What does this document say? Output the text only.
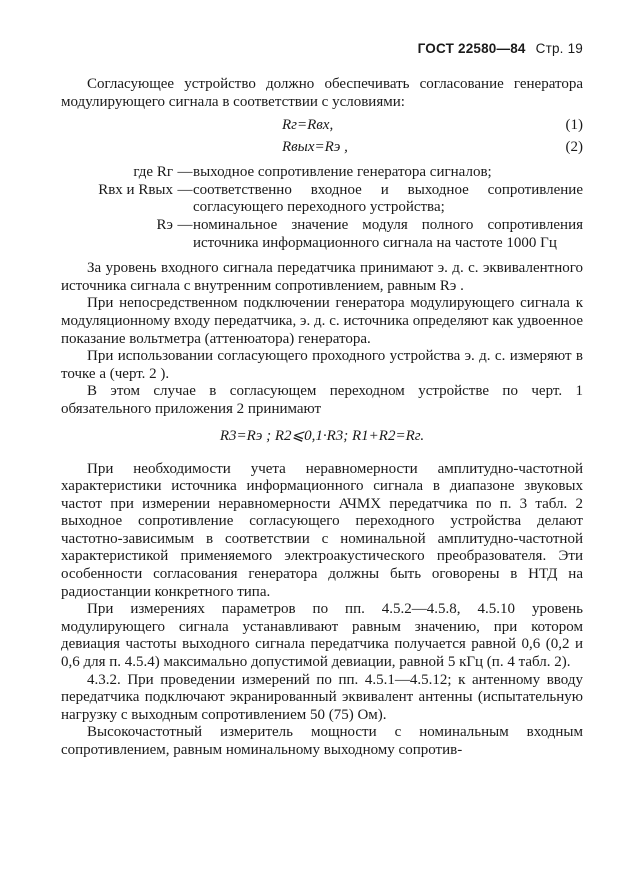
ГОСТ 22580—84 Стр. 19

Согласующее устройство должно обеспечивать согласование генератора модулирующего сигнала в соответствии с условиями:

Rг=Rвх,	(1)
Rвых=Rэ ,	(2)
где Rг — выходное сопротивление генератора сигналов;
Rвх и Rвых — соответственно входное и выходное сопротивление согласующего переходного устройства;
Rэ — номинальное значение модуля полного сопротивления источника информационного сигнала на частоте 1000 Гц

За уровень входного сигнала передатчика принимают э. д. с. эквивалентного источника сигнала с внутренним сопротивлением, равным Rэ .

При непосредственном подключении генератора модулирующего сигнала к модуляционному входу передатчика, э. д. с. источника определяют как удвоенное показание вольтметра (аттенюатора) генератора.

При использовании согласующего проходного устройства э. д. с. измеряют в точке a (черт. 2 ).

В этом случае в согласующем переходном устройстве по черт. 1 обязательного приложения 2 принимают

R3=Rэ ; R2⩽0,1·R3; R1+R2=Rг.

При необходимости учета неравномерности амплитудно-частотной характеристики источника информационного сигнала в диапазоне звуковых частот при измерении неравномерности АЧМХ передатчика по п. 3 табл. 2 выходное сопротивление согласующего переходного устройства делают частотно-зависимым в соответствии с номинальной амплитудно-частотной характеристикой применяемого электроакустического преобразователя. Эти особенности согласования генератора должны быть оговорены в НТД на радиостанции конкретного типа.

При измерениях параметров по пп. 4.5.2—4.5.8, 4.5.10 уровень модулирующего сигнала устанавливают равным значению, при котором девиация частоты выходного сигнала передатчика получается равной 0,6 (0,2 и 0,6 для п. 4.5.4) максимально допустимой девиации, равной 5 кГц (п. 4 табл. 2).

4.3.2. При проведении измерений по пп. 4.5.1—4.5.12; к антенному вводу передатчика подключают экранированный эквивалент антенны (испытательную нагрузку с выходным сопротивлением 50 (75) Ом).

Высокочастотный измеритель мощности с номинальным входным сопротивлением, равным номинальному выходному сопротив-
